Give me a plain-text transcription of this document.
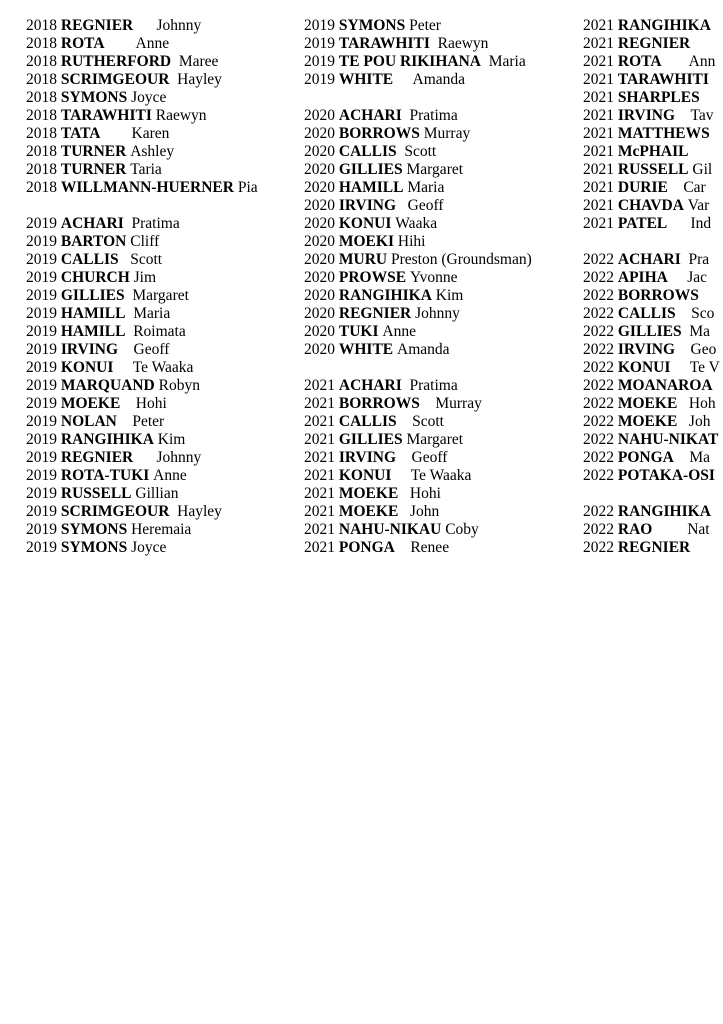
2018 REGNIER Johnny
2018 ROTA Anne
2018 RUTHERFORD Maree
2018 SCRIMGEOUR Hayley
2018 SYMONS Joyce
2018 TARAWHITI Raewyn
2018 TATA Karen
2018 TURNER Ashley
2018 TURNER Taria
2018 WILLMANN-HUERNER Pia
2019 ACHARI Pratima
2019 BARTON Cliff
2019 CALLIS Scott
2019 CHURCH Jim
2019 GILLIES Margaret
2019 HAMILL Maria
2019 HAMILL Roimata
2019 IRVING Geoff
2019 KONUI Te Waaka
2019 MARQUAND Robyn
2019 MOEKE Hohi
2019 NOLAN Peter
2019 RANGIHIKA Kim
2019 REGNIER Johnny
2019 ROTA-TUKI Anne
2019 RUSSELL Gillian
2019 SCRIMGEOUR Hayley
2019 SYMONS Heremaia
2019 SYMONS Joyce
2019 SYMONS Peter
2019 TARAWHITI Raewyn
2019 TE POU RIKIHANA Maria
2019 WHITE Amanda
2020 ACHARI Pratima
2020 BORROWS Murray
2020 CALLIS Scott
2020 GILLIES Margaret
2020 HAMILL Maria
2020 IRVING Geoff
2020 KONUI Waaka
2020 MOEKI Hihi
2020 MURU Preston (Groundsman)
2020 PROWSE Yvonne
2020 RANGIHIKA Kim
2020 REGNIER Johnny
2020 TUKI Anne
2020 WHITE Amanda
2021 ACHARI Pratima
2021 BORROWS Murray
2021 CALLIS Scott
2021 GILLIES Margaret
2021 IRVING Geoff
2021 KONUI Te Waaka
2021 MOEKE Hohi
2021 MOEKE John
2021 NAHU-NIKAU Coby
2021 PONGA Renee
2021 RANGIHIKA
2021 REGNIER
2021 ROTA Ann
2021 TARAWHITI
2021 SHARPLES
2021 IRVING Tav
2021 MATTHEWS
2021 McPHAIL
2021 RUSSELL Gil
2021 DURIE Car
2021 CHAVDA Var
2021 PATEL Ind
2022 ACHARI Pra
2022 APIHA Jac
2022 BORROWS
2022 CALLIS Sco
2022 GILLIES Ma
2022 IRVING Geo
2022 KONUI Te V
2022 MOANAROA
2022 MOEKE Hoh
2022 MOEKE Joh
2022 NAHU-NIKAT
2022 PONGA Ma
2022 POTAKA-OSI
2022 RANGIHIKA
2022 RAO Nat
2022 REGNIER
